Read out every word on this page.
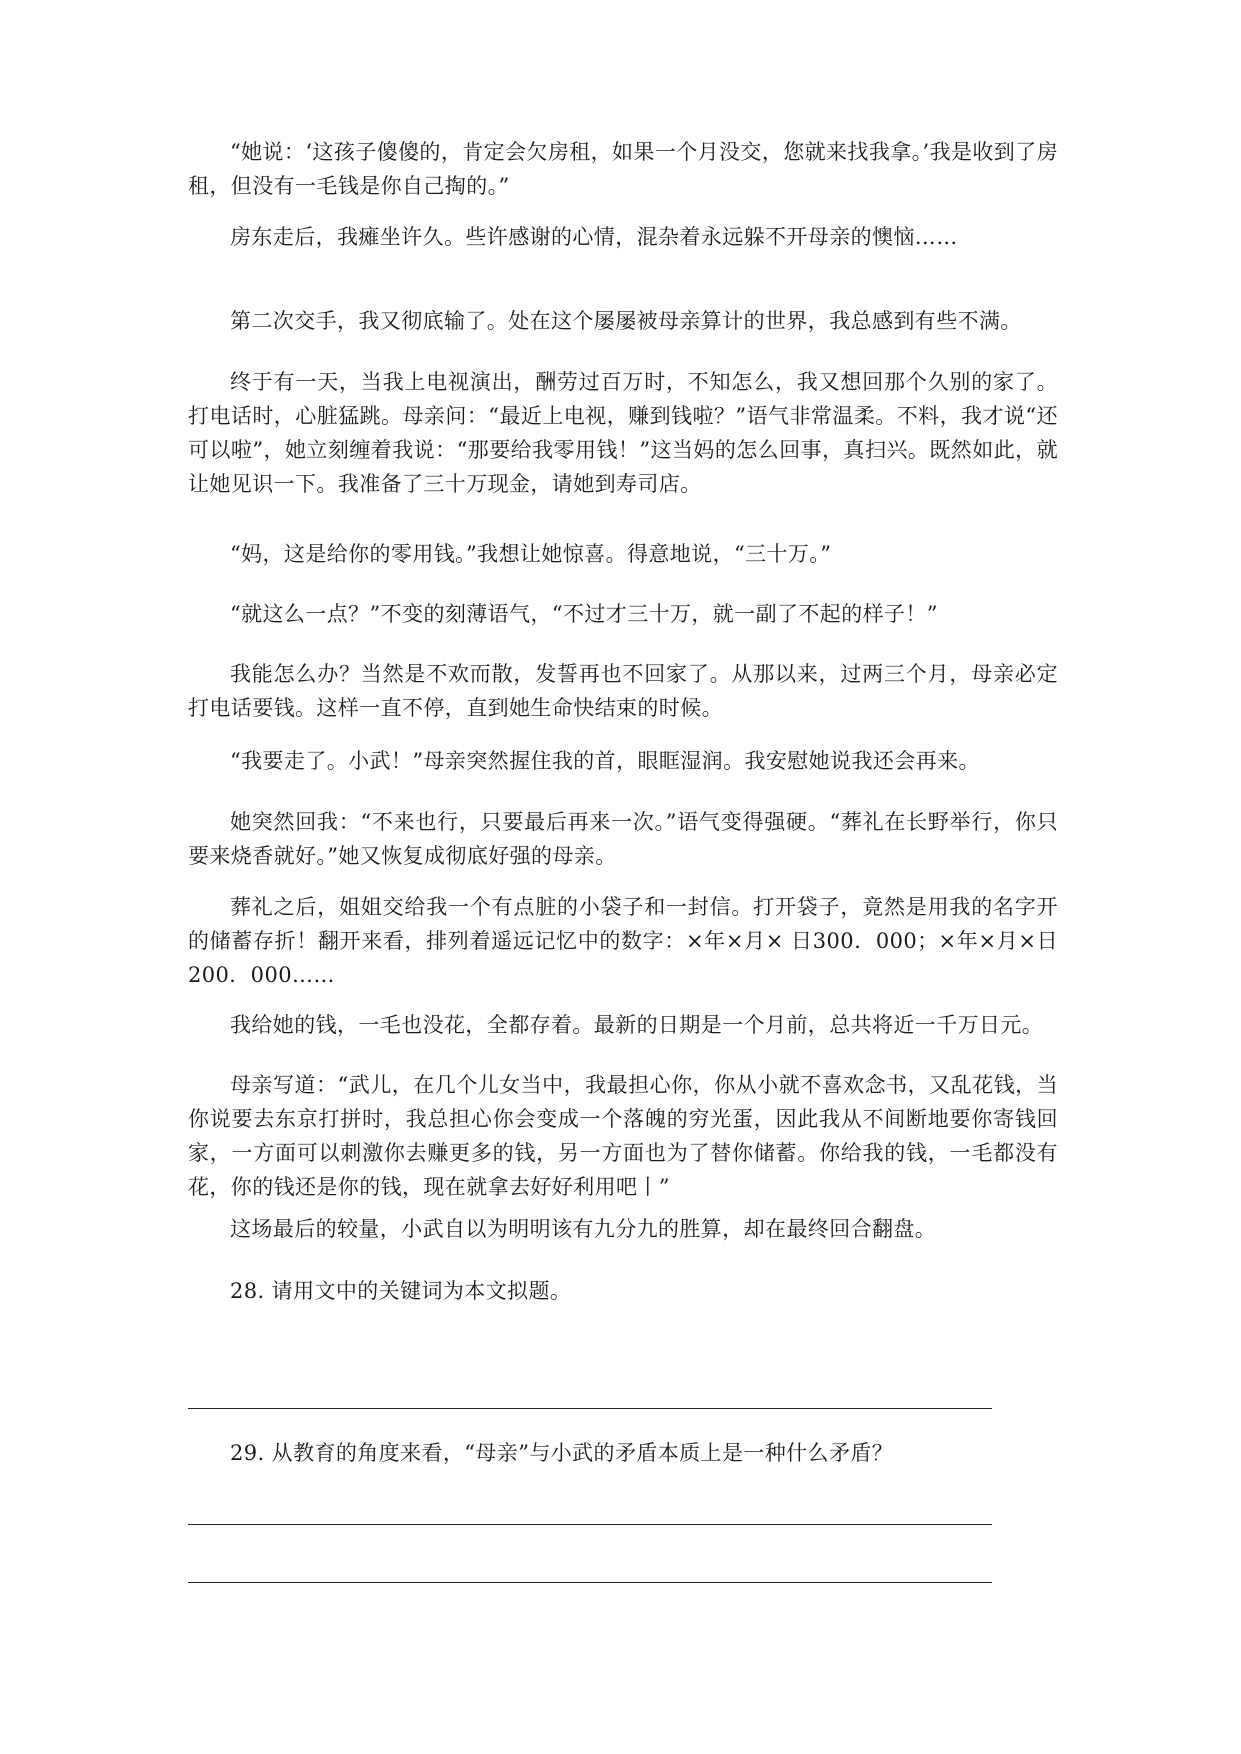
“她说：‘这孩子傻傻的，肯定会欠房租，如果一个月没交，您就来找我拿。’我是收到了房租，但没有一毛钱是你自己掏的。”

房东走后，我瘫坐许久。些许感谢的心情，混杂着永远躲不开母亲的懊恼……

第二次交手，我又彻底输了。处在这个屡屡被母亲算计的世界，我总感到有些不满。

终于有一天，当我上电视演出，酬劳过百万时，不知怎么，我又想回那个久别的家了。打电话时，心脏猛跳。母亲问：“最近上电视，赚到钱啦？”语气非常温柔。不料，我才说“还可以啦”，她立刻缠着我说：“那要给我零用钱！”这当妈的怎么回事，真扫兴。既然如此，就让她见识一下。我准备了三十万现金，请她到寿司店。

“妈，这是给你的零用钱。”我想让她惊喜。得意地说，“三十万。”

“就这么一点？”不变的刻薄语气，“不过才三十万，就一副了不起的样子！”

我能怎么办？当然是不欢而散，发誓再也不回家了。从那以来，过两三个月，母亲必定打电话要钱。这样一直不停，直到她生命快结束的时候。

“我要走了。小武！”母亲突然握住我的首，眼眶湿润。我安慰她说我还会再来。

她突然回我：“不来也行，只要最后再来一次。”语气变得强硬。“葬礼在长野举行，你只要来烧香就好。”她又恢复成彻底好强的母亲。

葬礼之后，姐姐交给我一个有点脏的小袋子和一封信。打开袋子，竟然是用我的名字开的储蓄存折！翻开来看，排列着遥远记忆中的数字：×年×月× 日300．000；×年×月×日200．000……

我给她的钱，一毛也没花，全都存着。最新的日期是一个月前，总共将近一千万日元。

母亲写道：“武儿，在几个儿女当中，我最担心你，你从小就不喜欢念书，又乱花钱，当你说要去东京打拼时，我总担心你会变成一个落魄的穷光蛋，因此我从不间断地要你寄钱回家，一方面可以刺激你去赚更多的钱，另一方面也为了替你储蓄。你给我的钱，一毛都没有花，你的钱还是你的钱，现在就拿去好好利用吧丨”

这场最后的较量，小武自以为明明该有九分九的胜算，却在最终回合翻盘。

28. 请用文中的关键词为本文拟题。

29. 从教育的角度来看，“母亲”与小武的矛盾本质上是一种什么矛盾？
